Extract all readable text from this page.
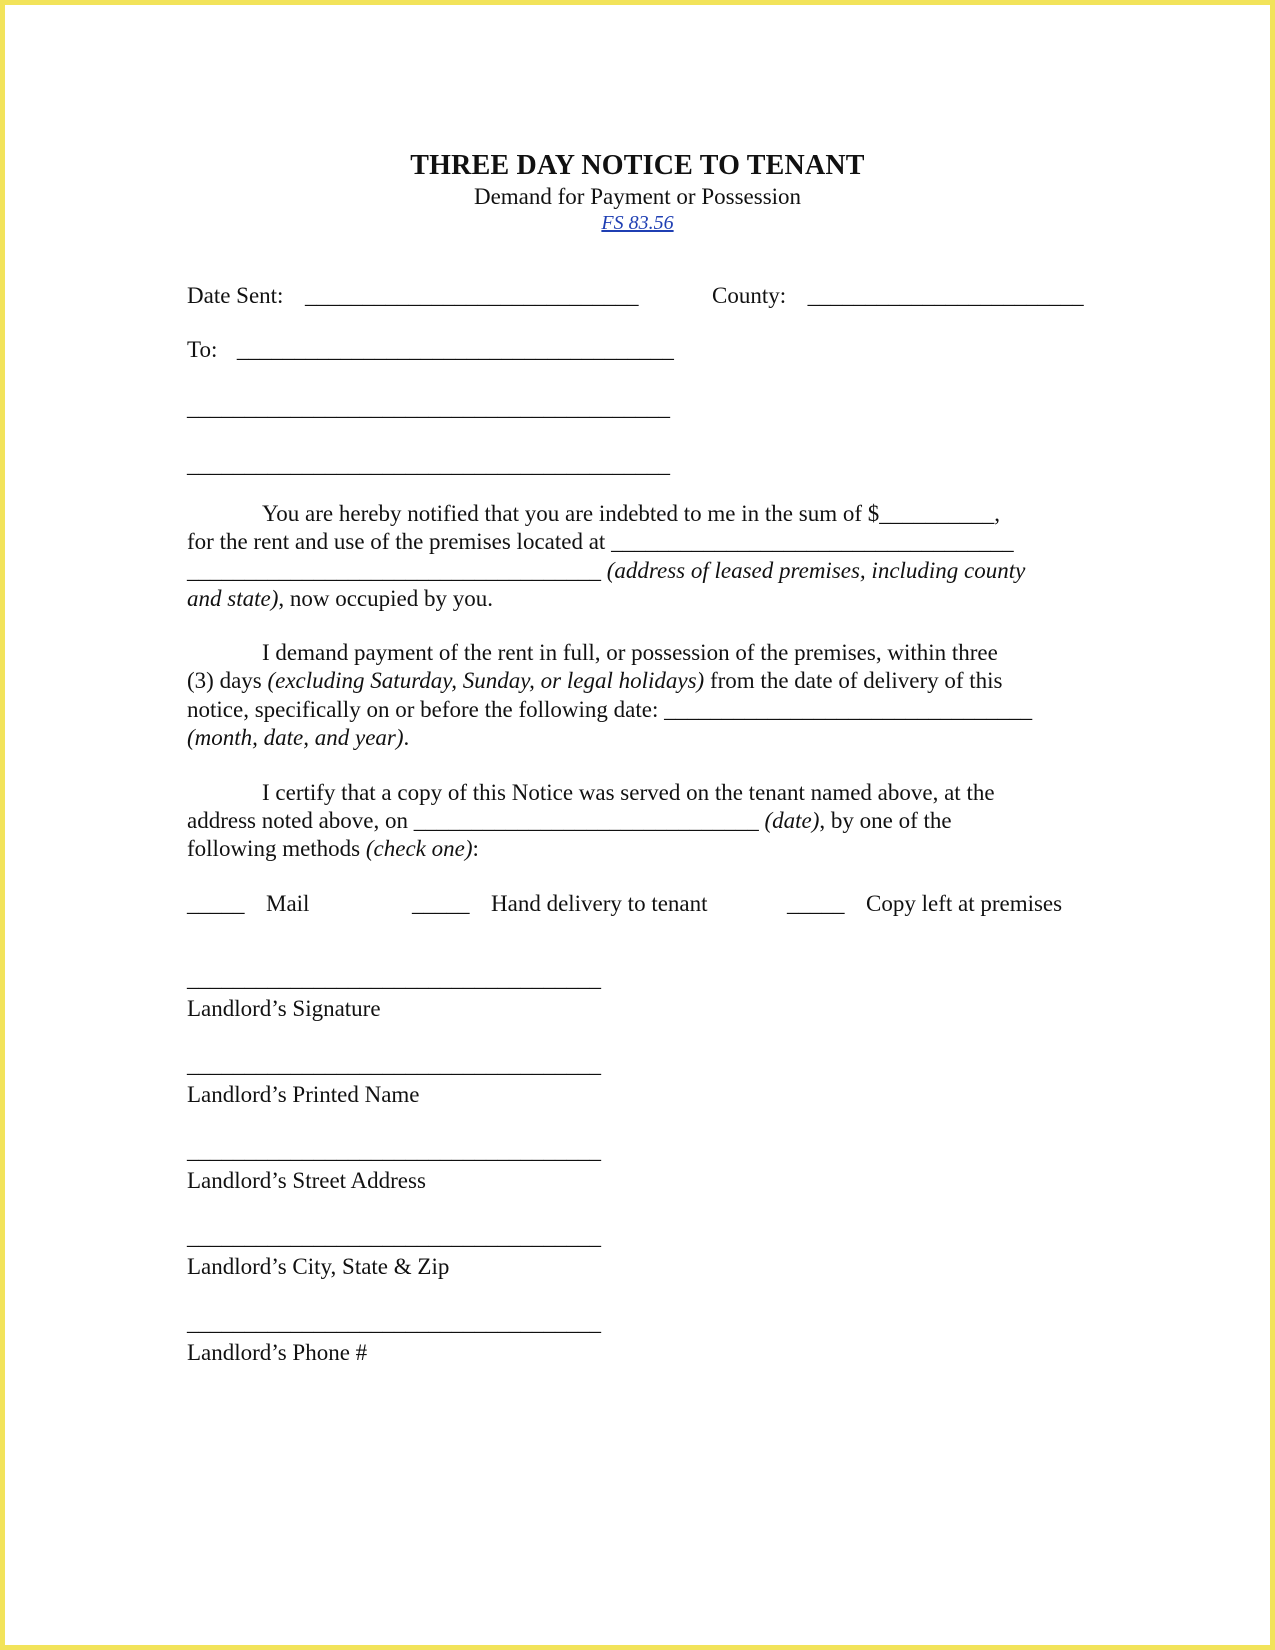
THREE DAY NOTICE TO TENANT
Demand for Payment or Possession
FS 83.56
Date Sent: _____________________________	County: ________________________
To: ______________________________________
__________________________________________
__________________________________________
You are hereby notified that you are indebted to me in the sum of $__________,
for the rent and use of the premises located at ___________________________________
____________________________________ (address of leased premises, including county
and state), now occupied by you.
I demand payment of the rent in full, or possession of the premises, within three
(3) days (excluding Saturday, Sunday, or legal holidays) from the date of delivery of this
notice, specifically on or before the following date: ________________________________
(month, date, and year).
I certify that a copy of this Notice was served on the tenant named above, at the
address noted above, on ______________________________ (date), by one of the
following methods (check one):
_____ Mail	_____ Hand delivery to tenant	_____ Copy left at premises
____________________________________
Landlord’s Signature
____________________________________
Landlord’s Printed Name
____________________________________
Landlord’s Street Address
____________________________________
Landlord’s City, State & Zip
____________________________________
Landlord’s Phone #
